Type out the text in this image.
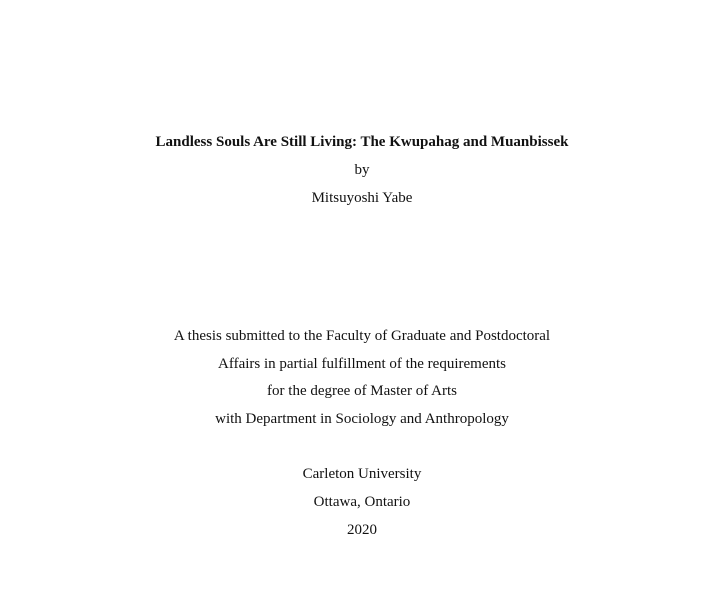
Landless Souls Are Still Living: The Kwupahag and Muanbissek
by
Mitsuyoshi Yabe
A thesis submitted to the Faculty of Graduate and Postdoctoral
Affairs in partial fulfillment of the requirements
for the degree of Master of Arts
with Department in Sociology and Anthropology
Carleton University
Ottawa, Ontario
2020
